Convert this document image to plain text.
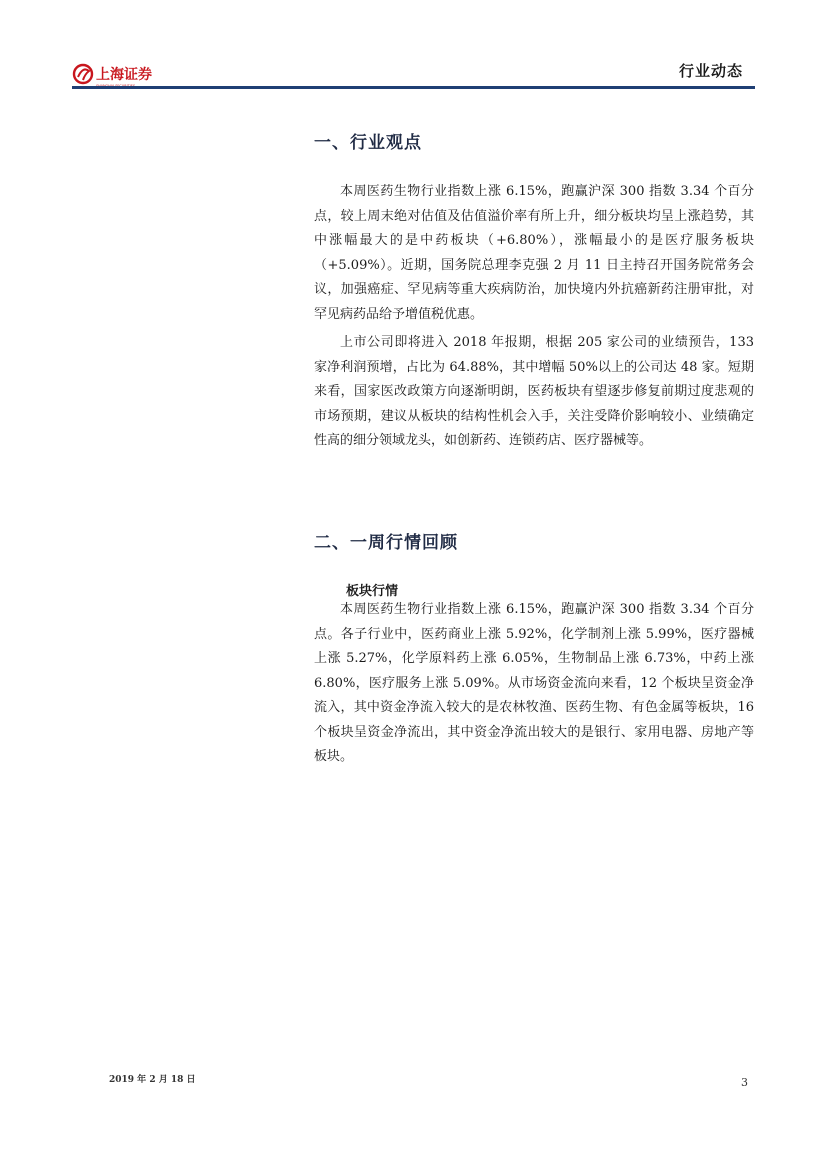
上海证券	行业动态
一、行业观点

本周医药生物行业指数上涨 6.15%，跑赢沪深 300 指数 3.34 个百分点，较上周末绝对估值及估值溢价率有所上升，细分板块均呈上涨趋势，其中涨幅最大的是中药板块（+6.80%），涨幅最小的是医疗服务板块（+5.09%）。近期，国务院总理李克强 2 月 11 日主持召开国务院常务会议，加强癌症、罕见病等重大疾病防治，加快境内外抗癌新药注册审批，对罕见病药品给予增值税优惠。

上市公司即将进入 2018 年报期，根据 205 家公司的业绩预告，133 家净利润预增，占比为 64.88%，其中增幅 50%以上的公司达 48 家。短期来看，国家医改政策方向逐渐明朗，医药板块有望逐步修复前期过度悲观的市场预期，建议从板块的结构性机会入手，关注受降价影响较小、业绩确定性高的细分领域龙头，如创新药、连锁药店、医疗器械等。

二、一周行情回顾
板块行情

本周医药生物行业指数上涨 6.15%，跑赢沪深 300 指数 3.34 个百分点。各子行业中，医药商业上涨 5.92%，化学制剂上涨 5.99%，医疗器械上涨 5.27%，化学原料药上涨 6.05%，生物制品上涨 6.73%，中药上涨 6.80%，医疗服务上涨 5.09%。从市场资金流向来看，12 个板块呈资金净流入，其中资金净流入较大的是农林牧渔、医药生物、有色金属等板块，16 个板块呈资金净流出，其中资金净流出较大的是银行、家用电器、房地产等板块。

2019 年 2 月 18 日	3
